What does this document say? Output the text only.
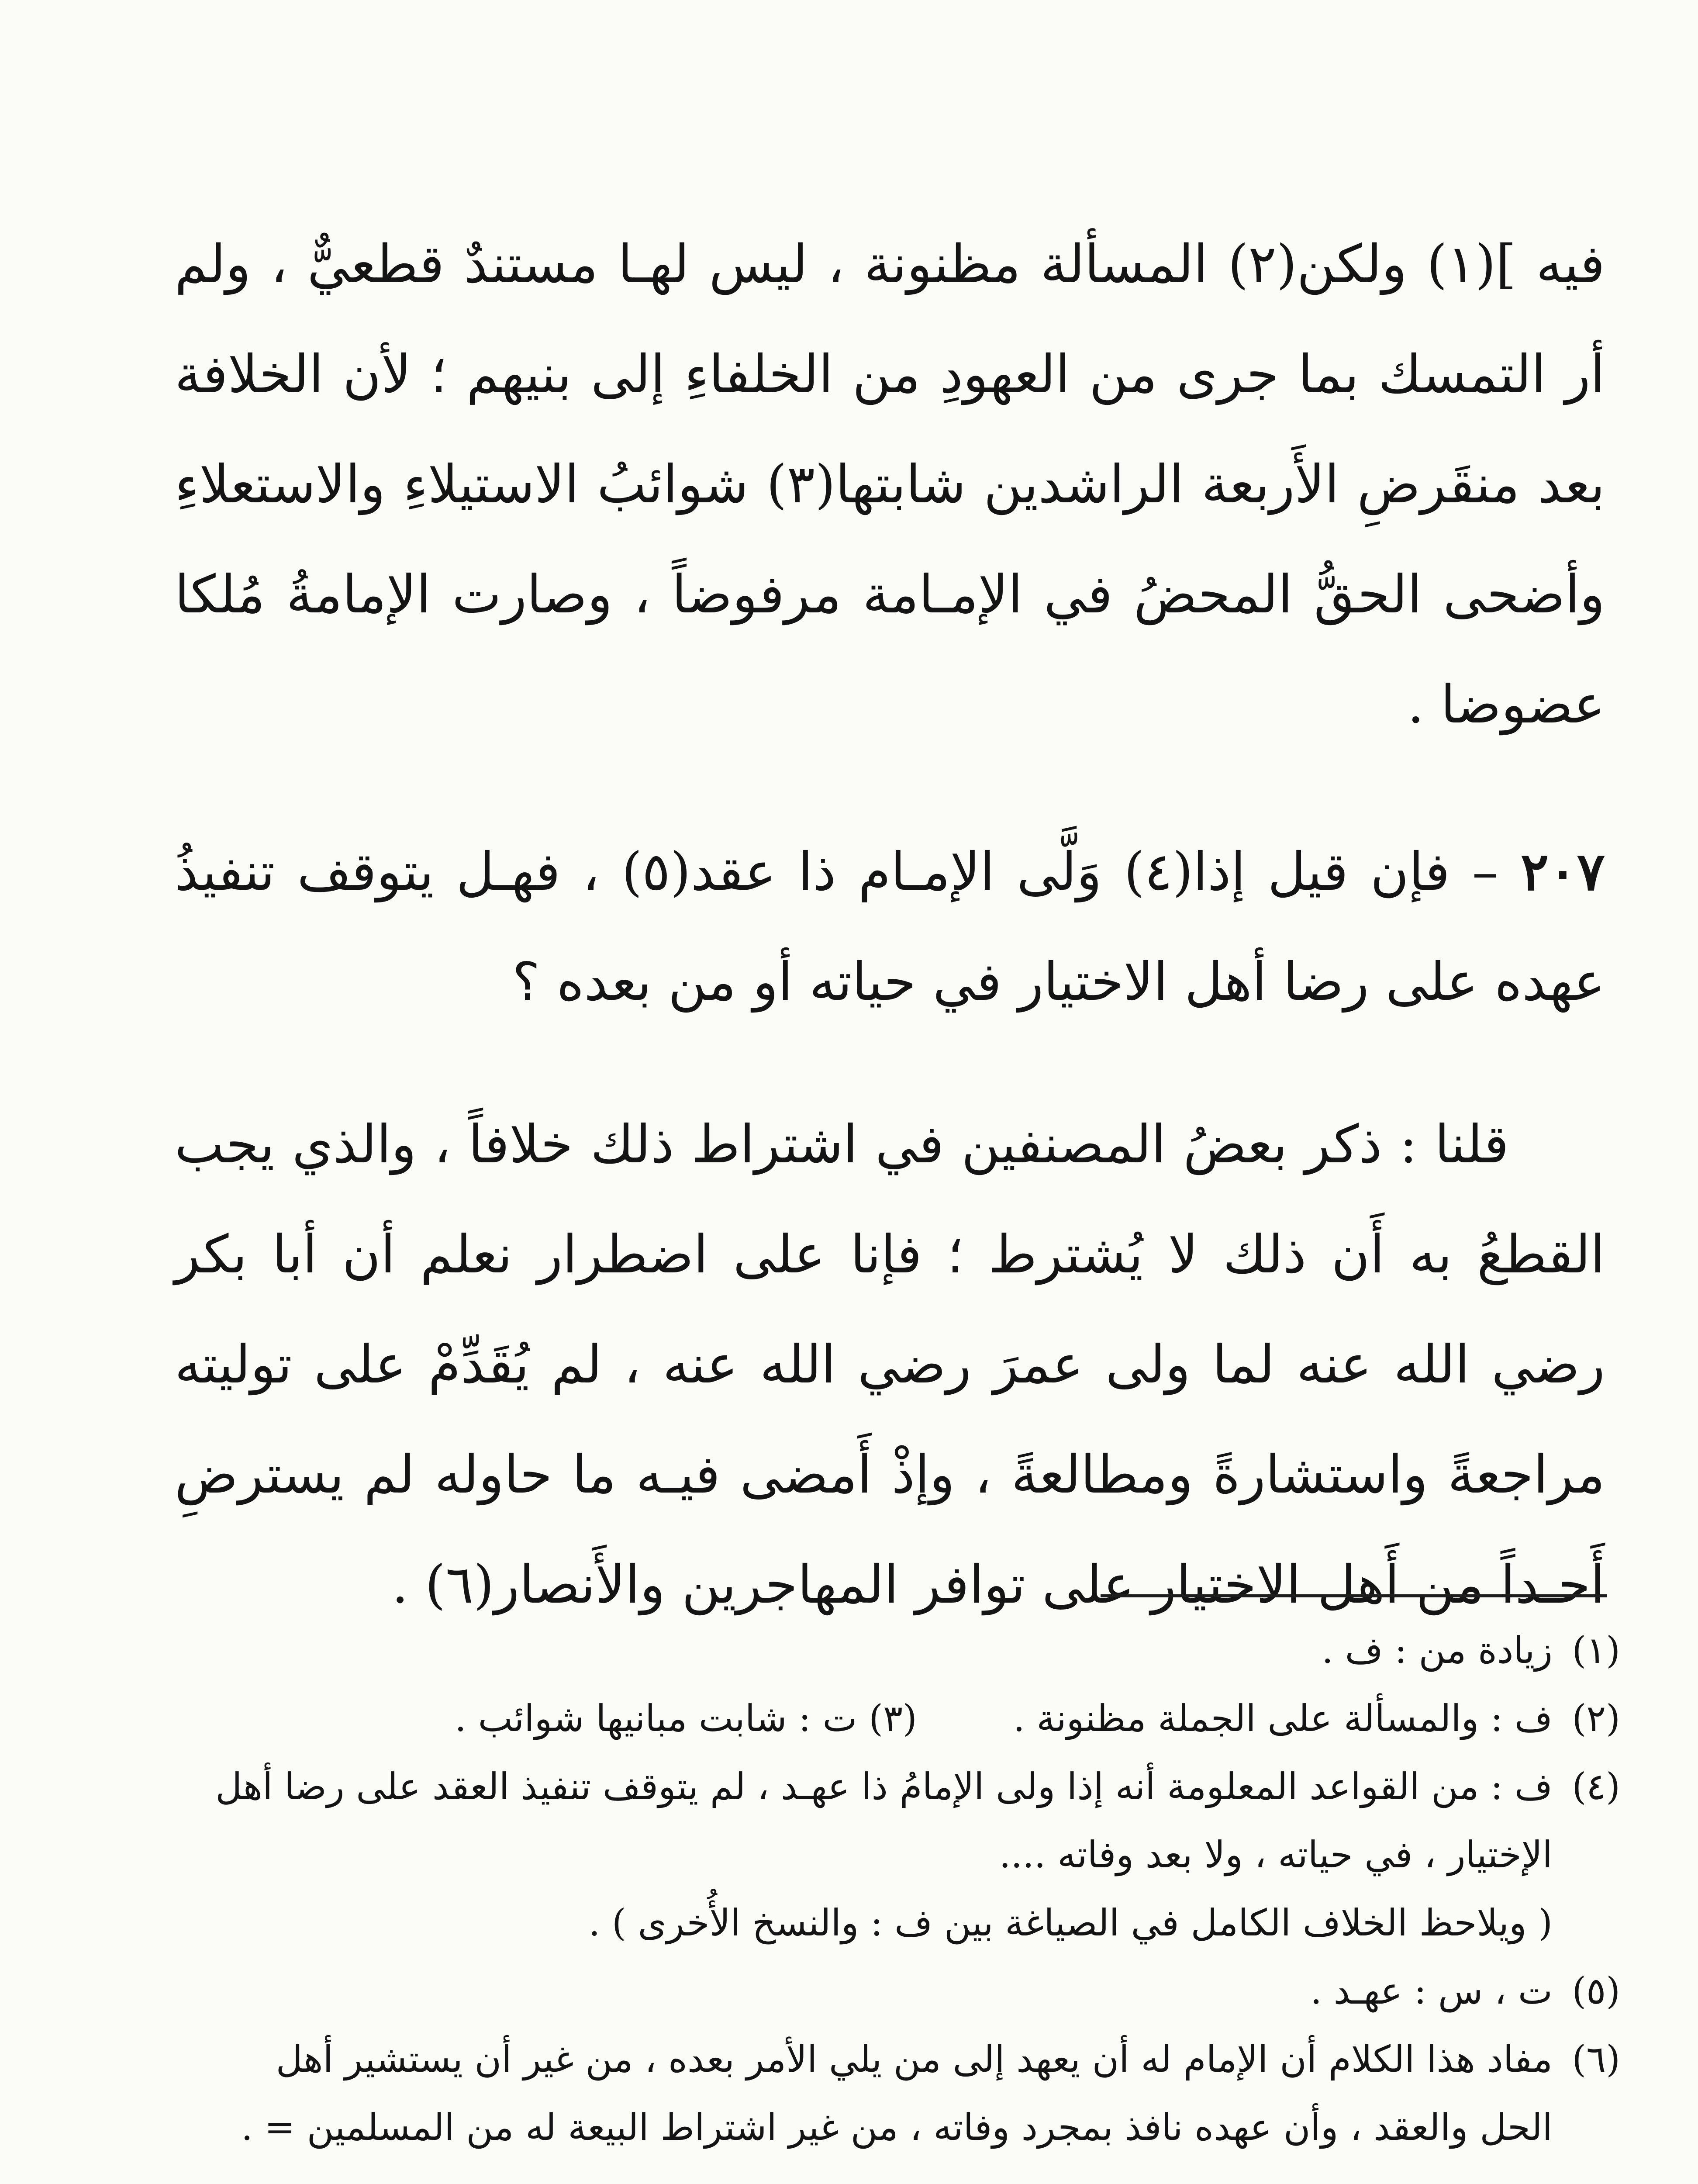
فيه ](١) ولكن(٢) المسألة مظنونة ، ليس لهـا مستندٌ قطعيٌّ ، ولم أر التمسك بما جرى من العهودِ من الخلفاءِ إلى بنيهم ؛ لأن الخلافة بعد منقَرضِ الأَربعة الراشدين شابتها(٣) شوائبُ الاستيلاءِ والاستعلاءِ وأضحى الحقُّ المحضُ في الإمـامة مرفوضاً ، وصارت الإمامةُ مُلكا عضوضا .

٢٠٧ – فإن قيل إذا(٤) وَلَّى الإمـام ذا عقد(٥) ، فهـل يتوقف تنفيذُ عهده على رضا أهل الاختيار في حياته أو من بعده ؟

قلنا : ذكر بعضُ المصنفين في اشتراط ذلك خلافاً ، والذي يجب القطعُ به أَن ذلك لا يُشترط ؛ فإنا على اضطرار نعلم أن أبا بكر رضي الله عنه لما ولى عمرَ رضي الله عنه ، لم يُقَدِّمْ على توليته مراجعةً واستشارةً ومطالعةً ، وإذْ أَمضى فيـه ما حاوله لم يسترضِ أَحـداً من أَهل الاختيار على توافر المهاجرين والأَنصار(٦) .

(١)
زيادة من : ف .

(٢)
ف : والمسألة على الجملة مظنونة .(٣) ت : شابت مبانيها شوائب .

(٤)
ف : من القواعد المعلومة أنه إذا ولى الإمامُ ذا عهـد ، لم يتوقف تنفيذ العقد على رضا أهل الإختيار ، في حياته ، ولا بعد وفاته ....

( ويلاحظ الخلاف الكامل في الصياغة بين ف : والنسخ الأُخرى ) .

(٥)
ت ، س : عهـد .

(٦)
مفاد هذا الكلام أن الإمام له أن يعهد إلى من يلي الأمر بعده ، من غير أن يستشير أهل الحل والعقد ، وأن عهده نافذ بمجرد وفاته ، من غير اشتراط البيعة له من المسلمين = .
